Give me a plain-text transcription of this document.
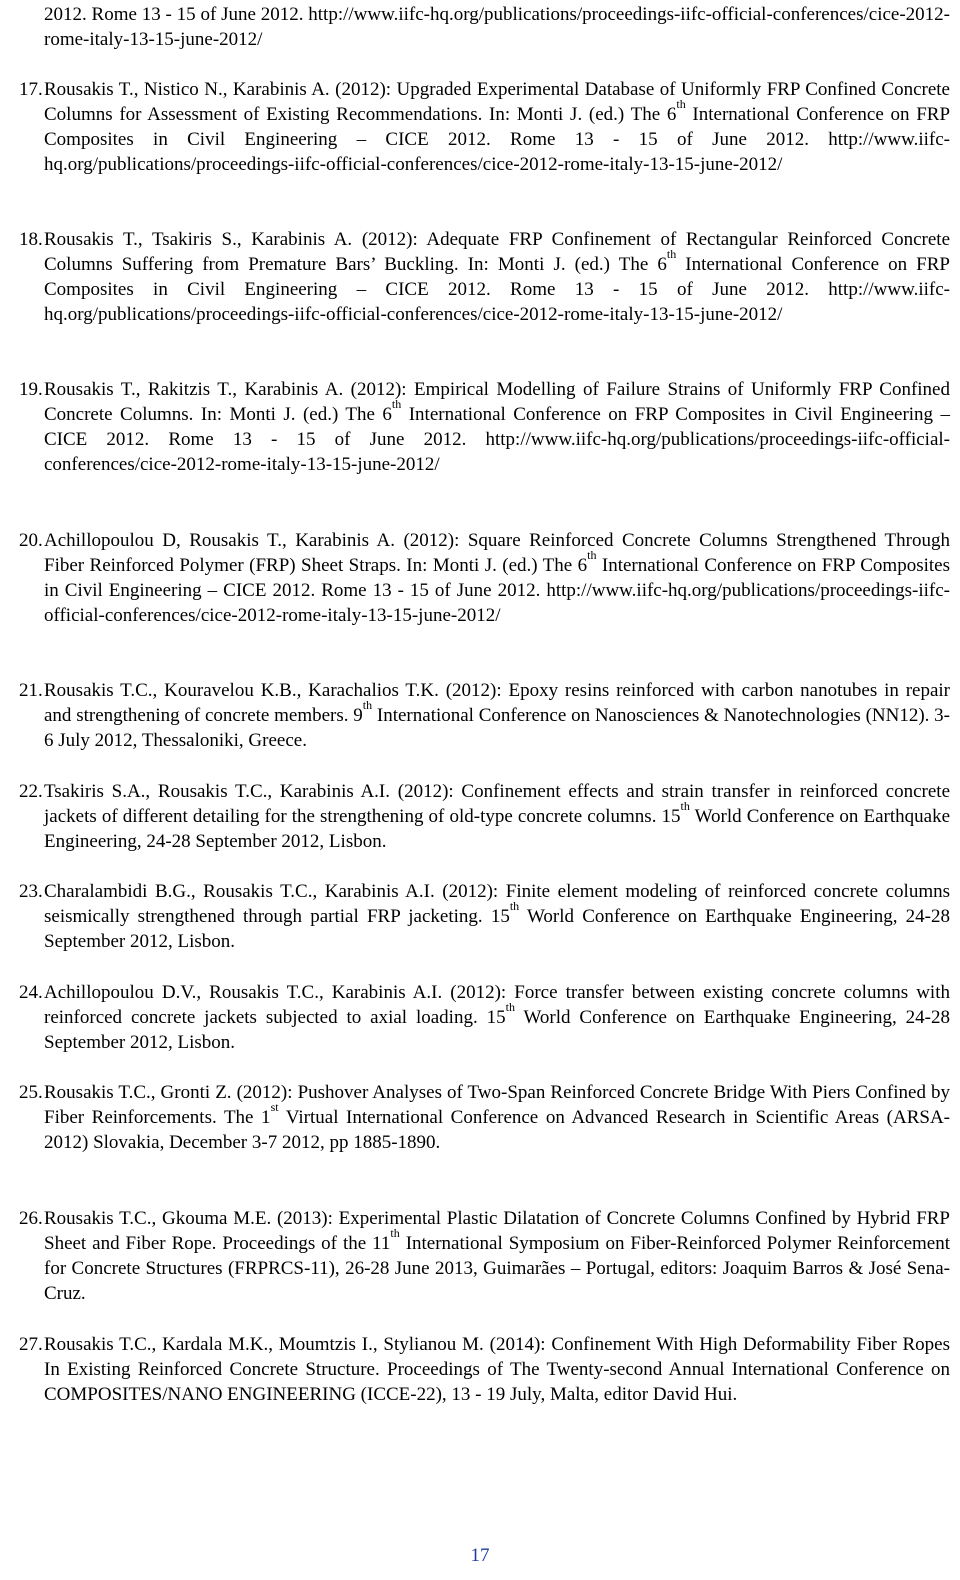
2012. Rome 13 - 15 of June 2012. http://www.iifc-hq.org/publications/proceedings-iifc-official-conferences/cice-2012-rome-italy-13-15-june-2012/
17. Rousakis T., Nistico N., Karabinis A. (2012): Upgraded Experimental Database of Uniformly FRP Confined Concrete Columns for Assessment of Existing Recommendations. In: Monti J. (ed.) The 6th International Conference on FRP Composites in Civil Engineering – CICE 2012. Rome 13 - 15 of June 2012. http://www.iifc-hq.org/publications/proceedings-iifc-official-conferences/cice-2012-rome-italy-13-15-june-2012/
18. Rousakis T., Tsakiris S., Karabinis A. (2012): Adequate FRP Confinement of Rectangular Reinforced Concrete Columns Suffering from Premature Bars’ Buckling. In: Monti J. (ed.) The 6th International Conference on FRP Composites in Civil Engineering – CICE 2012. Rome 13 - 15 of June 2012. http://www.iifc-hq.org/publications/proceedings-iifc-official-conferences/cice-2012-rome-italy-13-15-june-2012/
19. Rousakis T., Rakitzis T., Karabinis A. (2012): Empirical Modelling of Failure Strains of Uniformly FRP Confined Concrete Columns. In: Monti J. (ed.) The 6th International Conference on FRP Composites in Civil Engineering – CICE 2012. Rome 13 - 15 of June 2012. http://www.iifc-hq.org/publications/proceedings-iifc-official-conferences/cice-2012-rome-italy-13-15-june-2012/
20. Achillopoulou D, Rousakis T., Karabinis A. (2012): Square Reinforced Concrete Columns Strengthened Through Fiber Reinforced Polymer (FRP) Sheet Straps. In: Monti J. (ed.) The 6th International Conference on FRP Composites in Civil Engineering – CICE 2012. Rome 13 - 15 of June 2012. http://www.iifc-hq.org/publications/proceedings-iifc-official-conferences/cice-2012-rome-italy-13-15-june-2012/
21. Rousakis T.C., Kouravelou K.B., Karachalios T.K. (2012): Epoxy resins reinforced with carbon nanotubes in repair and strengthening of concrete members. 9th International Conference on Nanosciences & Nanotechnologies (NN12). 3-6 July 2012, Thessaloniki, Greece.
22. Tsakiris S.A., Rousakis T.C., Karabinis A.I. (2012): Confinement effects and strain transfer in reinforced concrete jackets of different detailing for the strengthening of old-type concrete columns. 15th World Conference on Earthquake Engineering, 24-28 September 2012, Lisbon.
23. Charalambidi B.G., Rousakis T.C., Karabinis A.I. (2012): Finite element modeling of reinforced concrete columns seismically strengthened through partial FRP jacketing. 15th World Conference on Earthquake Engineering, 24-28 September 2012, Lisbon.
24. Achillopoulou D.V., Rousakis T.C., Karabinis A.I. (2012): Force transfer between existing concrete columns with reinforced concrete jackets subjected to axial loading. 15th World Conference on Earthquake Engineering, 24-28 September 2012, Lisbon.
25. Rousakis T.C., Gronti Z. (2012): Pushover Analyses of Two-Span Reinforced Concrete Bridge With Piers Confined by Fiber Reinforcements. The 1st Virtual International Conference on Advanced Research in Scientific Areas (ARSA-2012) Slovakia, December 3-7 2012, pp 1885-1890.
26. Rousakis T.C., Gkouma M.E. (2013): Experimental Plastic Dilatation of Concrete Columns Confined by Hybrid FRP Sheet and Fiber Rope. Proceedings of the 11th International Symposium on Fiber-Reinforced Polymer Reinforcement for Concrete Structures (FRPRCS-11), 26-28 June 2013, Guimarães – Portugal, editors: Joaquim Barros & José Sena-Cruz.
27. Rousakis T.C., Kardala M.K., Moumtzis I., Stylianou M. (2014): Confinement With High Deformability Fiber Ropes In Existing Reinforced Concrete Structure. Proceedings of The Twenty-second Annual International Conference on COMPOSITES/NANO ENGINEERING (ICCE-22), 13 - 19 July, Malta, editor David Hui.
17
